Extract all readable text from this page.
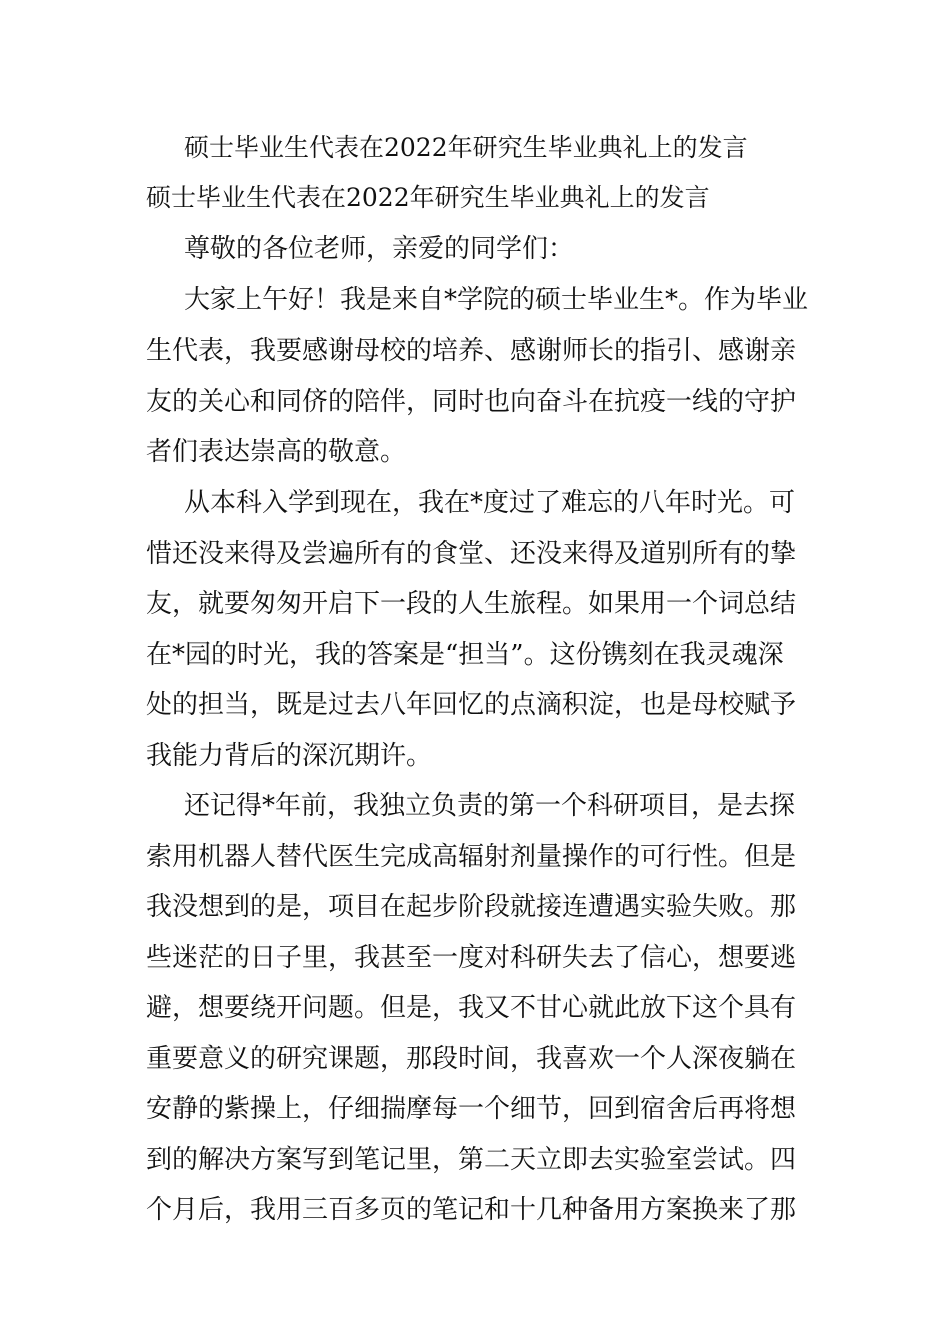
硕士毕业生代表在2022年研究生毕业典礼上的发言

硕士毕业生代表在2022年研究生毕业典礼上的发言

尊敬的各位老师，亲爱的同学们：

大家上午好！我是来自*学院的硕士毕业生*。作为毕业

生代表，我要感谢母校的培养、感谢师长的指引、感谢亲

友的关心和同侪的陪伴，同时也向奋斗在抗疫一线的守护

者们表达崇高的敬意。

从本科入学到现在，我在*度过了难忘的八年时光。可

惜还没来得及尝遍所有的食堂、还没来得及道别所有的挚

友，就要匆匆开启下一段的人生旅程。如果用一个词总结

在*园的时光，我的答案是“担当”。这份镌刻在我灵魂深

处的担当，既是过去八年回忆的点滴积淀，也是母校赋予

我能力背后的深沉期许。

还记得*年前，我独立负责的第一个科研项目，是去探

索用机器人替代医生完成高辐射剂量操作的可行性。但是

我没想到的是，项目在起步阶段就接连遭遇实验失败。那

些迷茫的日子里，我甚至一度对科研失去了信心，想要逃

避，想要绕开问题。但是，我又不甘心就此放下这个具有

重要意义的研究课题，那段时间，我喜欢一个人深夜躺在

安静的紫操上，仔细揣摩每一个细节，回到宿舍后再将想

到的解决方案写到笔记里，第二天立即去实验室尝试。四

个月后，我用三百多页的笔记和十几种备用方案换来了那
